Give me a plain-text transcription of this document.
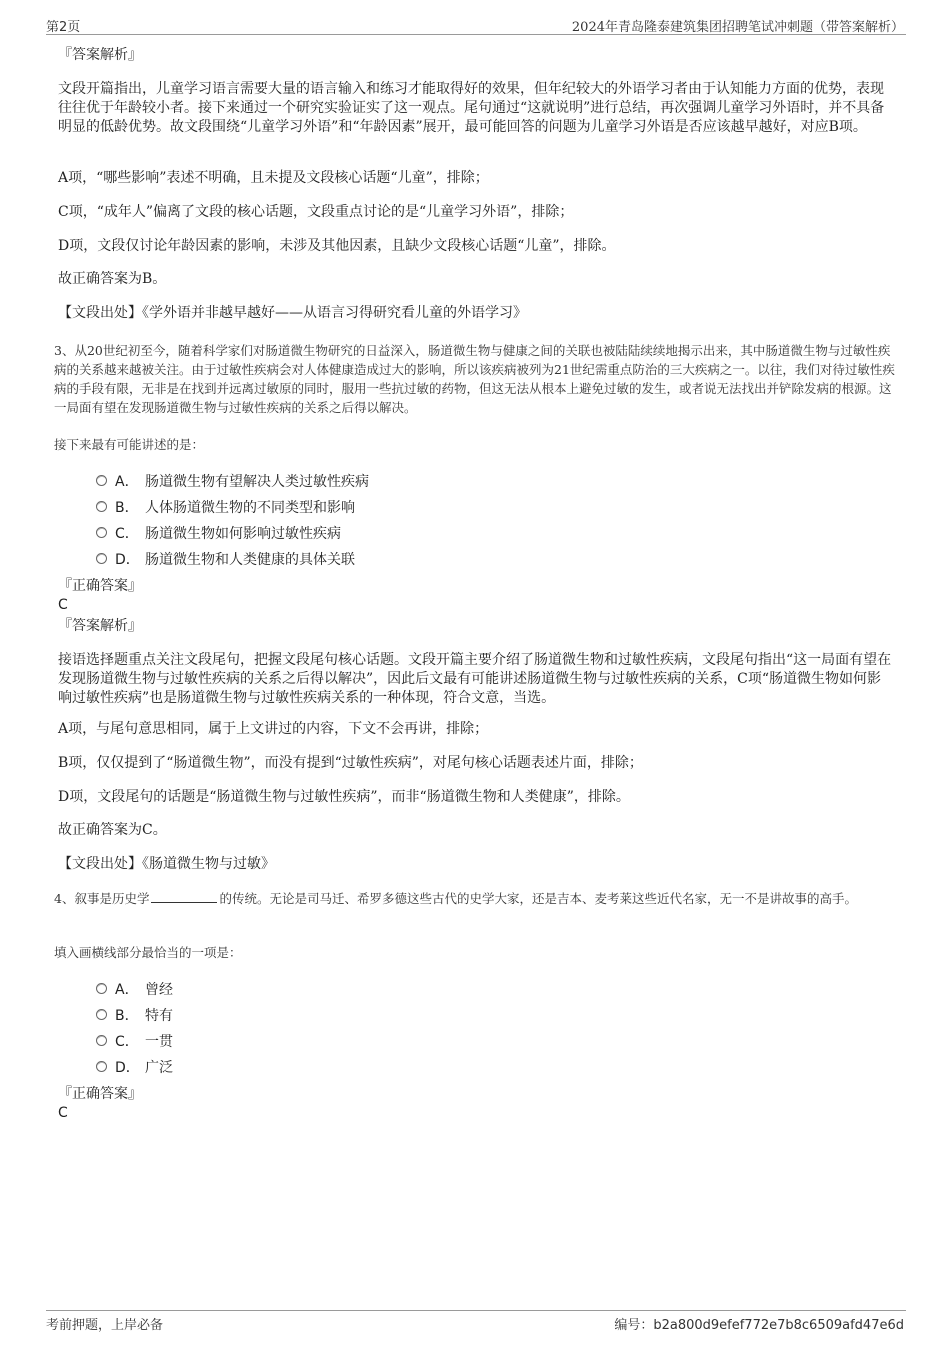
第2页	2024年青岛隆泰建筑集团招聘笔试冲刺题（带答案解析）
『答案解析』
文段开篇指出，儿童学习语言需要大量的语言输入和练习才能取得好的效果，但年纪较大的外语学习者由于认知能力方面的优势，表现往往优于年龄较小者。接下来通过一个研究实验证实了这一观点。尾句通过“这就说明”进行总结，再次强调儿童学习外语时，并不具备明显的低龄优势。故文段围绕“儿童学习外语”和“年龄因素”展开，最可能回答的问题为儿童学习外语是否应该越早越好，对应B项。
A项，“哪些影响”表述不明确，且未提及文段核心话题“儿童”，排除；
C项，“成年人”偏离了文段的核心话题，文段重点讨论的是“儿童学习外语”，排除；
D项，文段仅讨论年龄因素的影响，未涉及其他因素，且缺少文段核心话题“儿童”，排除。
故正确答案为B。
【文段出处】《学外语并非越早越好——从语言习得研究看儿童的外语学习》
3、从20世纪初至今，随着科学家们对肠道微生物研究的日益深入，肠道微生物与健康之间的关联也被陆陆续续地揭示出来，其中肠道微生物与过敏性疾病的关系越来越被关注。由于过敏性疾病会对人体健康造成过大的影响，所以该疾病被列为21世纪需重点防治的三大疾病之一。以往，我们对待过敏性疾病的手段有限，无非是在找到并远离过敏原的同时，服用一些抗过敏的药物，但这无法从根本上避免过敏的发生，或者说无法找出并铲除发病的根源。这一局面有望在发现肠道微生物与过敏性疾病的关系之后得以解决。
接下来最有可能讲述的是：
A． 肠道微生物有望解决人类过敏性疾病
B． 人体肠道微生物的不同类型和影响
C． 肠道微生物如何影响过敏性疾病
D． 肠道微生物和人类健康的具体关联
『正确答案』
C
『答案解析』
接语选择题重点关注文段尾句，把握文段尾句核心话题。文段开篇主要介绍了肠道微生物和过敏性疾病，文段尾句指出“这一局面有望在发现肠道微生物与过敏性疾病的关系之后得以解决”，因此后文最有可能讲述肠道微生物与过敏性疾病的关系，C项“肠道微生物如何影响过敏性疾病”也是肠道微生物与过敏性疾病关系的一种体现，符合文意，当选。
A项，与尾句意思相同，属于上文讲过的内容，下文不会再讲，排除；
B项，仅仅提到了“肠道微生物”，而没有提到“过敏性疾病”，对尾句核心话题表述片面，排除；
D项，文段尾句的话题是“肠道微生物与过敏性疾病”，而非“肠道微生物和人类健康”，排除。
故正确答案为C。
【文段出处】《肠道微生物与过敏》
4、叙事是历史学	的传统。无论是司马迁、希罗多德这些古代的史学大家，还是吉本、麦考莱这些近代名家，无一不是讲故事的高手。
填入画横线部分最恰当的一项是：
A． 曾经
B． 特有
C． 一贯
D． 广泛
『正确答案』
C
考前押题，上岸必备	编号：b2a800d9efef772e7b8c6509afd47e6d
